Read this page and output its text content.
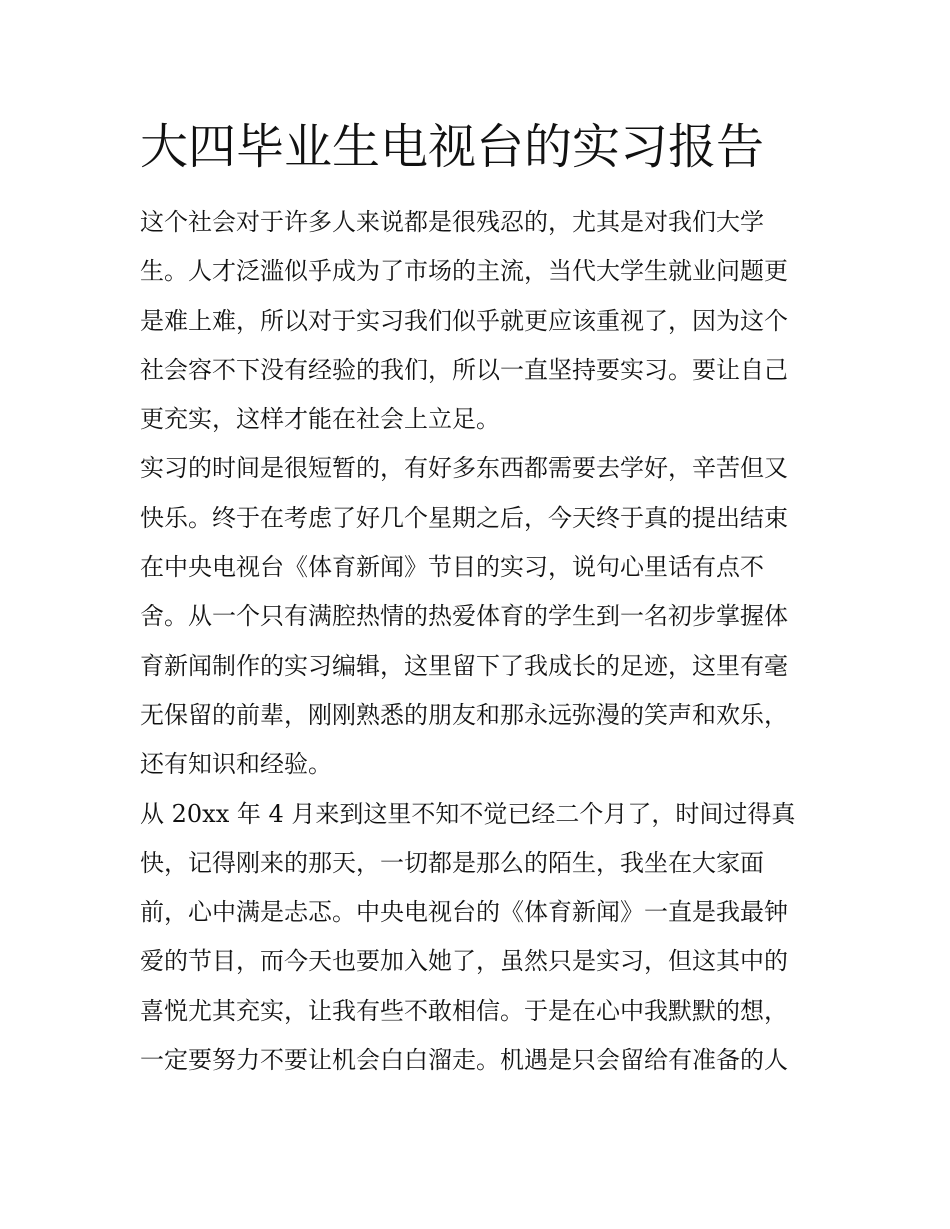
大四毕业生电视台的实习报告
这个社会对于许多人来说都是很残忍的，尤其是对我们大学
生。人才泛滥似乎成为了市场的主流，当代大学生就业问题更
是难上难，所以对于实习我们似乎就更应该重视了，因为这个
社会容不下没有经验的我们，所以一直坚持要实习。要让自己
更充实，这样才能在社会上立足。
实习的时间是很短暂的，有好多东西都需要去学好，辛苦但又
快乐。终于在考虑了好几个星期之后，今天终于真的提出结束
在中央电视台《体育新闻》节目的实习，说句心里话有点不
舍。从一个只有满腔热情的热爱体育的学生到一名初步掌握体
育新闻制作的实习编辑，这里留下了我成长的足迹，这里有毫
无保留的前辈，刚刚熟悉的朋友和那永远弥漫的笑声和欢乐，
还有知识和经验。
从 20xx 年 4 月来到这里不知不觉已经二个月了，时间过得真
快，记得刚来的那天，一切都是那么的陌生，我坐在大家面
前，心中满是忐忑。中央电视台的《体育新闻》一直是我最钟
爱的节目，而今天也要加入她了，虽然只是实习，但这其中的
喜悦尤其充实，让我有些不敢相信。于是在心中我默默的想，
一定要努力不要让机会白白溜走。机遇是只会留给有准备的人
